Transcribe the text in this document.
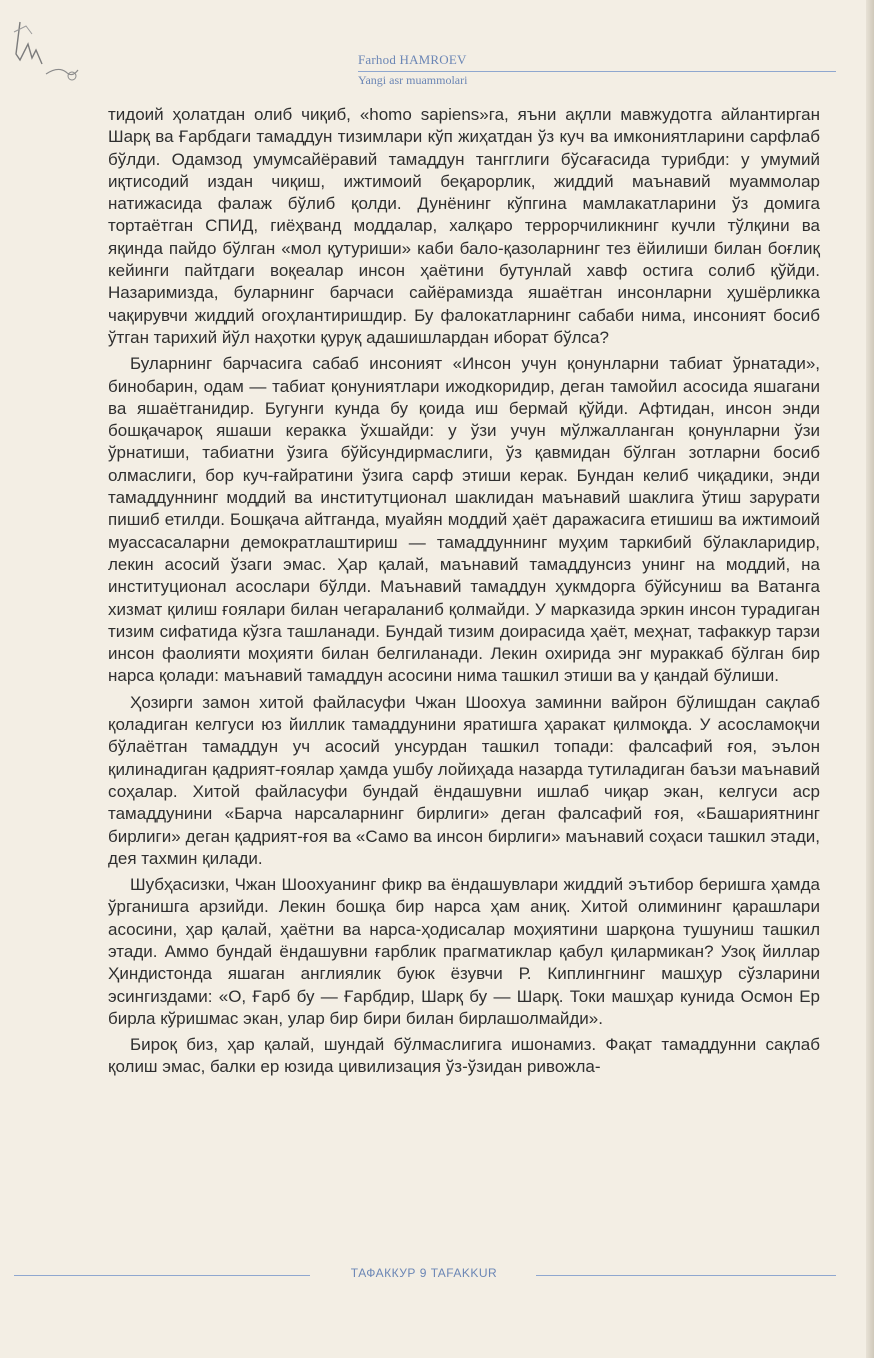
Farhod HAMROEV
Yangi asr muammolari

тидоий ҳолатдан олиб чиқиб, «homo sapiens»га, яъни ақлли мавжудотга айлантирган Шарқ ва Ғарбдаги тамаддун тизимлари кўп жиҳатдан ўз куч ва имкониятларини сарфлаб бўлди. Одамзод умумсайёравий тамаддун тангглиги бўсағасида турибди: у умумий иқтисодий издан чиқиш, ижтимоий беқарорлик, жиддий маънавий муаммолар натижасида фалаж бўлиб қолди. Дунёнинг кўпгина мамлакатларини ўз домига тортаётган СПИД, гиёҳванд моддалар, халқаро террорчиликнинг кучли тўлқини ва яқинда пайдо бўлган «мол қутуриши» каби бало-қазоларнинг тез ёйилиши билан боғлиқ кейинги пайтдаги воқеалар инсон ҳаётини бутунлай хавф остига солиб қўйди. Назаримизда, буларнинг барчаси сайёрамизда яшаётган инсонларни ҳушёрликка чақирувчи жиддий огоҳлантиришдир. Бу фалокатларнинг сабаби нима, инсоният босиб ўтган тарихий йўл наҳотки қуруқ адашишлардан иборат бўлса?

Буларнинг барчасига сабаб инсоният «Инсон учун қонунларни табиат ўрнатади», бинобарин, одам — табиат қонуниятлари ижодкоридир, деган тамойил асосида яшагани ва яшаётганидир. Бугунги кунда бу қоида иш бермай қўйди. Афтидан, инсон энди бошқачароқ яшаши керакка ўхшайди: у ўзи учун мўлжалланган қонунларни ўзи ўрнатиши, табиатни ўзига бўйсундирмаслиги, ўз қавмидан бўлган зотларни босиб олмаслиги, бор куч-ғайратини ўзига сарф этиши керак. Бундан келиб чиқадики, энди тамаддуннинг моддий ва институтционал шаклидан маънавий шаклига ўтиш зарурати пишиб етилди. Бошқача айтганда, муайян моддий ҳаёт даражасига етишиш ва ижтимоий муассасаларни демократлаштириш — тамаддуннинг муҳим таркибий бўлакларидир, лекин асосий ўзаги эмас. Ҳар қалай, маънавий тамаддунсиз унинг на моддий, на институционал асослари бўлди. Маънавий тамаддун ҳукмдорга бўйсуниш ва Ватанга хизмат қилиш ғоялари билан чегараланиб қолмайди. У марказида эркин инсон турадиган тизим сифатида кўзга ташланади. Бундай тизим доирасида ҳаёт, меҳнат, тафаккур тарзи инсон фаолияти моҳияти билан белгиланади. Лекин охирида энг мураккаб бўлган бир нарса қолади: маънавий тамаддун асосини нима ташкил этиши ва у қандай бўлиши.

Ҳозирги замон хитой файласуфи Чжан Шоохуа заминни вайрон бўлишдан сақлаб қоладиган келгуси юз йиллик тамаддунини яратишга ҳаракат қилмоқда. У асосламоқчи бўлаётган тамаддун уч асосий унсурдан ташкил топади: фалсафий ғоя, эълон қилинадиган қадрият-ғоялар ҳамда ушбу лойиҳада назарда тутиладиган баъзи маънавий соҳалар. Хитой файласуфи бундай ёндашувни ишлаб чиқар экан, келгуси аср тамаддунини «Барча нарсаларнинг бирлиги» деган фалсафий ғоя, «Башариятнинг бирлиги» деган қадрият-ғоя ва «Само ва инсон бирлиги» маънавий соҳаси ташкил этади, дея тахмин қилади.

Шубҳасизки, Чжан Шоохуанинг фикр ва ёндашувлари жиддий эътибор беришга ҳамда ўрганишга арзийди. Лекин бошқа бир нарса ҳам аниқ. Хитой олимининг қарашлари асосини, ҳар қалай, ҳаётни ва нарса-ҳодисалар моҳиятини шарқона тушуниш ташкил этади. Аммо бундай ёндашувни ғарблик прагматиклар қабул қилармикан? Узоқ йиллар Ҳиндистонда яшаган англиялик буюк ёзувчи Р. Киплингнинг машҳур сўзларини эсингиздами: «О, Ғарб бу — Ғарбдир, Шарқ бу — Шарқ. Токи машҳар кунида Осмон Ер бирла кўришмас экан, улар бир бири билан бирлашолмайди».

Бироқ биз, ҳар қалай, шундай бўлмаслигига ишонамиз. Фақат тамаддунни сақлаб қолиш эмас, балки ер юзида цивилизация ўз-ўзидан ривожла-

ТАФАККУР 9 TAFAKKUR
